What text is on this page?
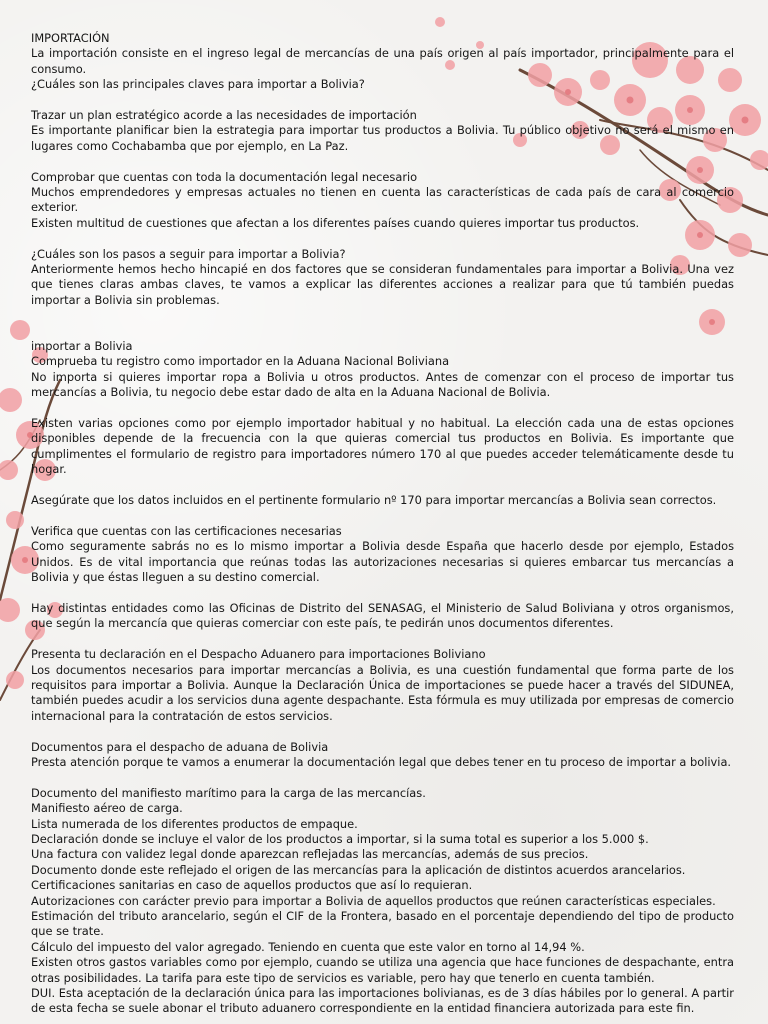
IMPORTACIÓN

La importación consiste en el ingreso legal de mercancías de una país origen al país importador, principalmente para el consumo.

¿Cuáles son las principales claves para importar a Bolivia?

Trazar un plan estratégico acorde a las necesidades de importación

Es importante planificar bien la estrategia para importar tus productos a Bolivia. Tu público objetivo no será el mismo en lugares como Cochabamba que por ejemplo, en La Paz.

Comprobar que cuentas con toda la documentación legal necesario

Muchos emprendedores y empresas actuales no tienen en cuenta las características de cada país de cara al comercio exterior.

Existen multitud de cuestiones que afectan a los diferentes países cuando quieres importar tus productos.

¿Cuáles son los pasos a seguir para importar a Bolivia?

Anteriormente hemos hecho hincapié en dos factores que se consideran fundamentales para importar a Bolivia. Una vez que tienes claras ambas claves, te vamos a explicar las diferentes acciones a realizar para que tú también puedas importar a Bolivia sin problemas.

importar a Bolivia

Comprueba tu registro como importador en la Aduana Nacional Boliviana

No importa si quieres importar ropa a Bolivia u otros productos. Antes de comenzar con el proceso de importar tus mercancías a Bolivia, tu negocio debe estar dado de alta en la Aduana Nacional de Bolivia.

Existen varias opciones como por ejemplo importador habitual y no habitual. La elección cada una de estas opciones disponibles depende de la frecuencia con la que quieras comercial tus productos en Bolivia. Es importante que cumplimentes el formulario de registro para importadores número 170 al que puedes acceder telemáticamente desde tu hogar.

Asegúrate que los datos incluidos en el pertinente formulario nº 170 para importar mercancías a Bolivia sean correctos.

Verifica que cuentas con las certificaciones necesarias

Como seguramente sabrás no es lo mismo importar a Bolivia desde España que hacerlo desde por ejemplo, Estados Unidos. Es de vital importancia que reúnas todas las autorizaciones necesarias si quieres embarcar tus mercancías a Bolivia y que éstas lleguen a su destino comercial.

Hay distintas entidades como las Oficinas de Distrito del SENASAG, el Ministerio de Salud Boliviana y otros organismos, que según la mercancía que quieras comerciar con este país, te pedirán unos documentos diferentes.

Presenta tu declaración en el Despacho Aduanero para importaciones Boliviano

Los documentos necesarios para importar mercancías a Bolivia, es una cuestión fundamental que forma parte de los requisitos para importar a Bolivia. Aunque la Declaración Única de importaciones se puede hacer a través del SIDUNEA, también puedes acudir a los servicios duna agente despachante. Esta fórmula es muy utilizada por empresas de comercio internacional para la contratación de estos servicios.

Documentos para el despacho de aduana de Bolivia

Presta atención porque te vamos a enumerar la documentación legal que debes tener en tu proceso de importar a bolivia.

Documento del manifiesto marítimo para la carga de las mercancías.

Manifiesto aéreo de carga.

Lista numerada de los diferentes productos de empaque.

Declaración donde se incluye el valor de los productos a importar, si la suma total es superior a los 5.000 $.

Una factura con validez legal donde aparezcan reflejadas las mercancías, además de sus precios.

Documento donde este reflejado el origen de las mercancías para la aplicación de distintos acuerdos arancelarios.

Certificaciones sanitarias en caso de aquellos productos que así lo requieran.

Autorizaciones con carácter previo para importar a Bolivia de aquellos productos que reúnen características especiales.

Estimación del tributo arancelario, según el CIF de la Frontera, basado en el porcentaje dependiendo del tipo de producto que se trate.

Cálculo del impuesto del valor agregado. Teniendo en cuenta que este valor en torno al 14,94 %.

Existen otros gastos variables como por ejemplo, cuando se utiliza una agencia que hace funciones de despachante, entra otras posibilidades. La tarifa para este tipo de servicios es variable, pero hay que tenerlo en cuenta también.

DUI. Esta aceptación de la declaración única para las importaciones bolivianas, es de 3 días hábiles por lo general. A partir de esta fecha se suele abonar el tributo aduanero correspondiente en la entidad financiera autorizada para este fin.
